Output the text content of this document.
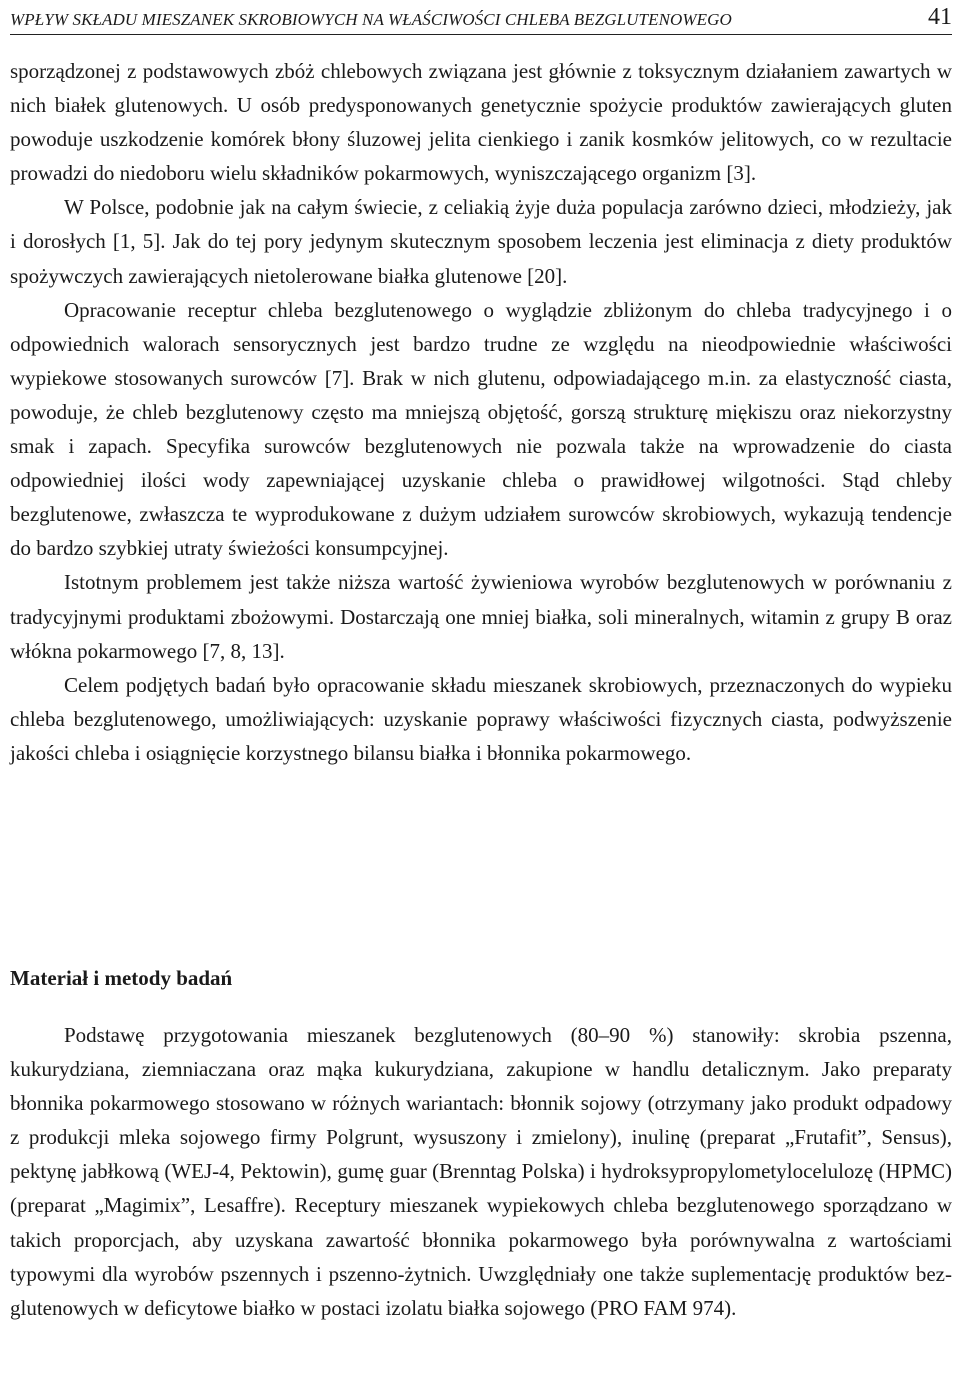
WPŁYW SKŁADU MIESZANEK SKROBIOWYCH NA WŁAŚCIWOŚCI CHLEBA BEZGLUTENOWEGO	41

sporządzonej z podstawowych zbóż chlebowych związana jest głównie z toksycznym działaniem zawartych w nich białek glutenowych. U osób predysponowanych genetycznie spożycie produktów zawierających gluten powoduje uszkodzenie komórek błony śluzowej jelita cienkiego i zanik kosmków jelitowych, co w rezultacie prowadzi do niedoboru wielu składników pokarmowych, wyniszczającego organizm [3].

W Polsce, podobnie jak na całym świecie, z celiakią żyje duża populacja zarówno dzieci, młodzieży, jak i dorosłych [1, 5]. Jak do tej pory jedynym skutecznym sposobem leczenia jest eliminacja z diety produktów spożywczych zawierających nietolerowane białka glutenowe [20].

Opracowanie receptur chleba bezglutenowego o wyglądzie zbliżonym do chleba tradycyjnego i o odpowiednich walorach sensorycznych jest bardzo trudne ze względu na nieodpowiednie właściwości wypiekowe stosowanych surowców [7]. Brak w nich glutenu, odpowiadającego m.in. za elastyczność ciasta, powoduje, że chleb bezglutenowy często ma mniejszą objętość, gorszą strukturę miękiszu oraz niekorzystny smak i zapach. Specyfika surowców bezglutenowych nie pozwala także na wprowadzenie do ciasta odpowiedniej ilości wody zapewniającej uzyskanie chleba o prawidłowej wilgotności. Stąd chleby bezglutenowe, zwłaszcza te wyprodukowane z dużym udziałem surowców skrobiowych, wykazują tendencje do bardzo szybkiej utraty świeżości konsumpcyjnej.

Istotnym problemem jest także niższa wartość żywieniowa wyrobów bezglutenowych w porównaniu z tradycyjnymi produktami zbożowymi. Dostarczają one mniej białka, soli mineralnych, witamin z grupy B oraz włókna pokarmowego [7, 8, 13].

Celem podjętych badań było opracowanie składu mieszanek skrobiowych, przeznaczonych do wypieku chleba bezglutenowego, umożliwiających: uzyskanie poprawy właściwości fizycznych ciasta, podwyższenie jakości chleba i osiągnięcie korzystnego bilansu białka i błonnika pokarmowego.

Materiał i metody badań

Podstawę przygotowania mieszanek bezglutenowych (80–90 %) stanowiły: skrobia pszenna, kukurydziana, ziemniaczana oraz mąka kukurydziana, zakupione w handlu detalicznym. Jako preparaty błonnika pokarmowego stosowano w różnych wariantach: błonnik sojowy (otrzymany jako produkt odpadowy z produkcji mleka sojowego firmy Polgrunt, wysuszony i zmielony), inulinę (preparat „Frutafit”, Sensus), pektynę jabłkową (WEJ-4, Pektowin), gumę guar (Brenntag Polska) i hydroksypropylometylocelulozę (HPMC) (preparat „Magimix”, Lesaffre). Receptury mieszanek wypiekowych chleba bezglutenowego sporządzano w takich proporcjach, aby uzyskana zawartość błonnika pokarmowego była porównywalna z wartościami typowymi dla wyrobów pszennych i pszenno-żytnich. Uwzględniały one także suplementację produktów bezglutenowych w deficytowe białko w postaci izolatu białka sojowego (PRO FAM 974).
